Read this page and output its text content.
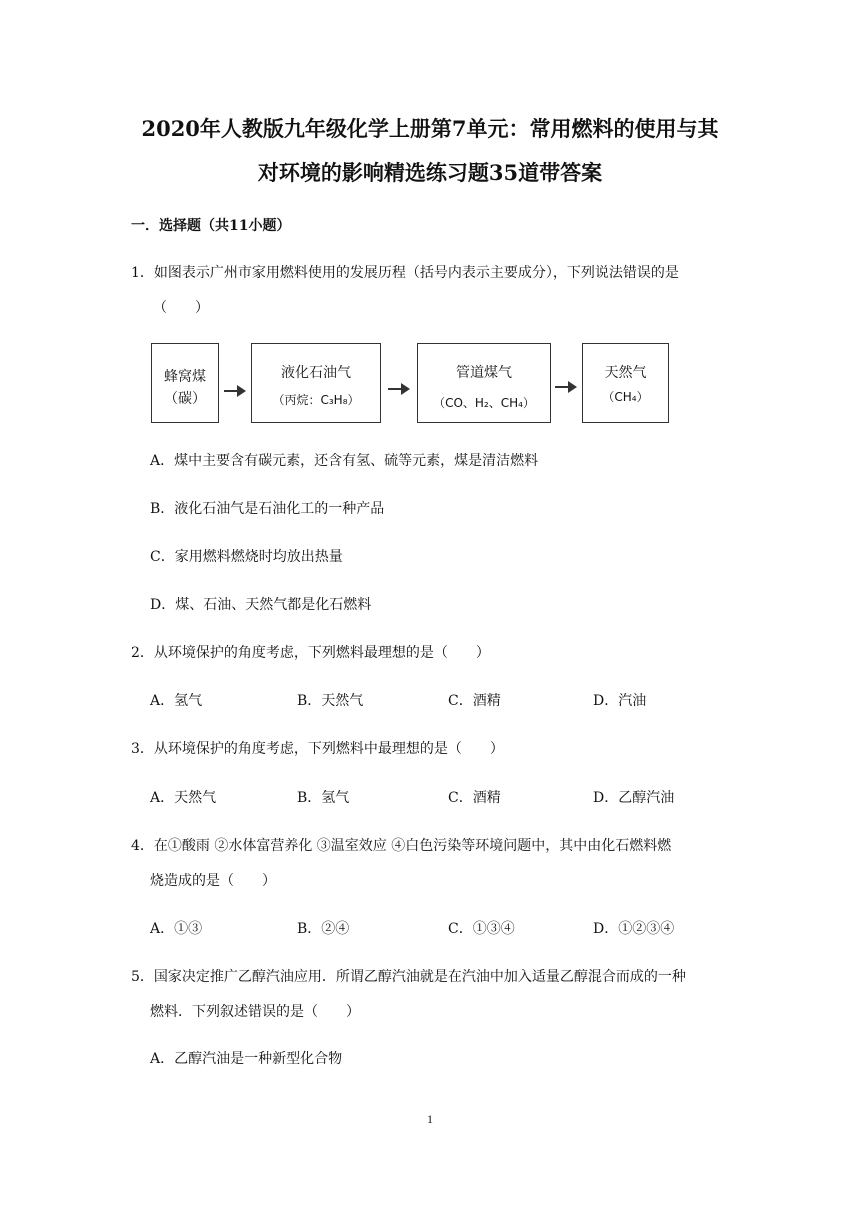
2020年人教版九年级化学上册第7单元：常用燃料的使用与其
对环境的影响精选练习题35道带答案

一．选择题（共11小题）

1．如图表示广州市家用燃料使用的发展历程（括号内表示主要成分），下列说法错误的是

（　　）

蜂窝煤
（碳）
液化石油气
（丙烷：C₃H₈）
管道煤气
（CO、H₂、CH₄）
天然气
（CH₄）

A．煤中主要含有碳元素，还含有氢、硫等元素，煤是清洁燃料

B．液化石油气是石油化工的一种产品

C．家用燃料燃烧时均放出热量

D．煤、石油、天然气都是化石燃料

2．从环境保护的角度考虑，下列燃料最理想的是（　　）

A．氢气	B．天然气	C．酒精	D．汽油

3．从环境保护的角度考虑，下列燃料中最理想的是（　　）

A．天然气	B．氢气	C．酒精	D．乙醇汽油

4．在①酸雨 ②水体富营养化 ③温室效应 ④白色污染等环境问题中，其中由化石燃料燃

烧造成的是（　　）

A．①③	B．②④	C．①③④	D．①②③④

5．国家决定推广乙醇汽油应用．所谓乙醇汽油就是在汽油中加入适量乙醇混合而成的一种

燃料．下列叙述错误的是（　　）

A．乙醇汽油是一种新型化合物

1
